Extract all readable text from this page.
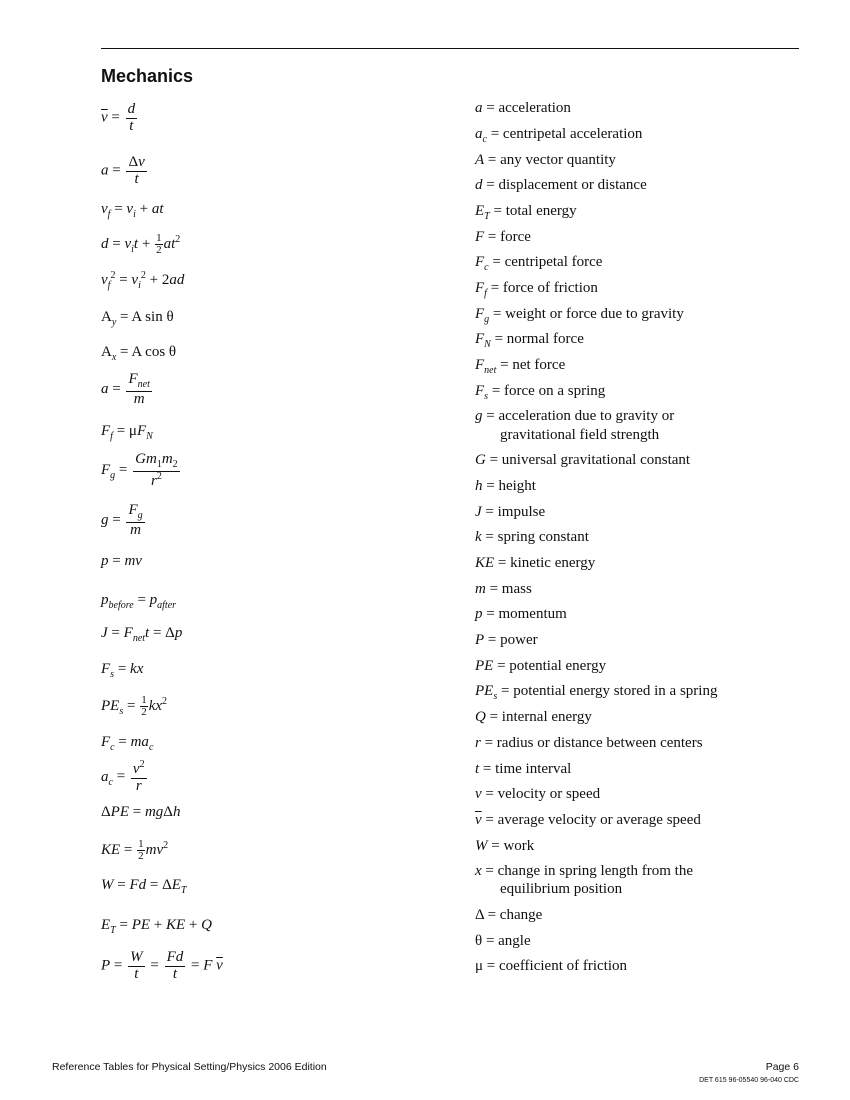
Mechanics
$\overline{v} = \frac{d}{t}$
$a = \frac{\Delta v}{t}$
$v_f = v_i$ + at
$d = v_it + \frac{1}{2} at^2$
$v_f^2 = v_i^2 + 2ad$
$A_y = A$ sin θ
$A_x = A$ cos θ
$a = \frac{F_{net}}{m}$
$F_f = \mu F_N$
$F_g = \frac{Gm_1m_2}{r^2}$
$g = \frac{F_g}{m}$
p = mv
$p_{before} = p_{after}$
$J = F_{net}t = \Delta p$
$F_s$ = kx
$PE_s = \frac{1}{2} kx^2$
$F_c = ma_c$
$a_c = \frac{v^2}{r}$
ΔPE = mgΔh
KE = $\frac{1}{2} mv^2$
$W = Fd = \Delta E_T$
$E_T$ = PE + KE + Q
$P = \frac{W}{t} = \frac{Fd}{t} = F$ $\overline{v}$
a = acceleration
$a_c$ = centripetal acceleration
A = any vector quantity
d = displacement or distance
$E_T$ = total energy
F = force
$F_c$ = centripetal force
$F_f$ = force of friction
$F_g$ = weight or force due to gravity
$F_N$ = normal force
$F_{net}$ = net force
$F_s$ = force on a spring
g = acceleration due to gravity or
gravitational field strength
G = universal gravitational constant
h = height
J = impulse
k = spring constant
KE = kinetic energy
m = mass
p = momentum
P = power
PE = potential energy
$PE_s$ = potential energy stored in a spring
Q = internal energy
r = radius or distance between centers
t = time interval
v = velocity or speed
$\overline{v}$ = average velocity or average speed
W = work
x = change in spring length from the
equilibrium position
Δ = change
θ = angle
μ = coefficient of friction
Reference Tables for Physical Setting/Physics 2006 Edition	Page 6
DET 615 96-05540 96-040 CDC
